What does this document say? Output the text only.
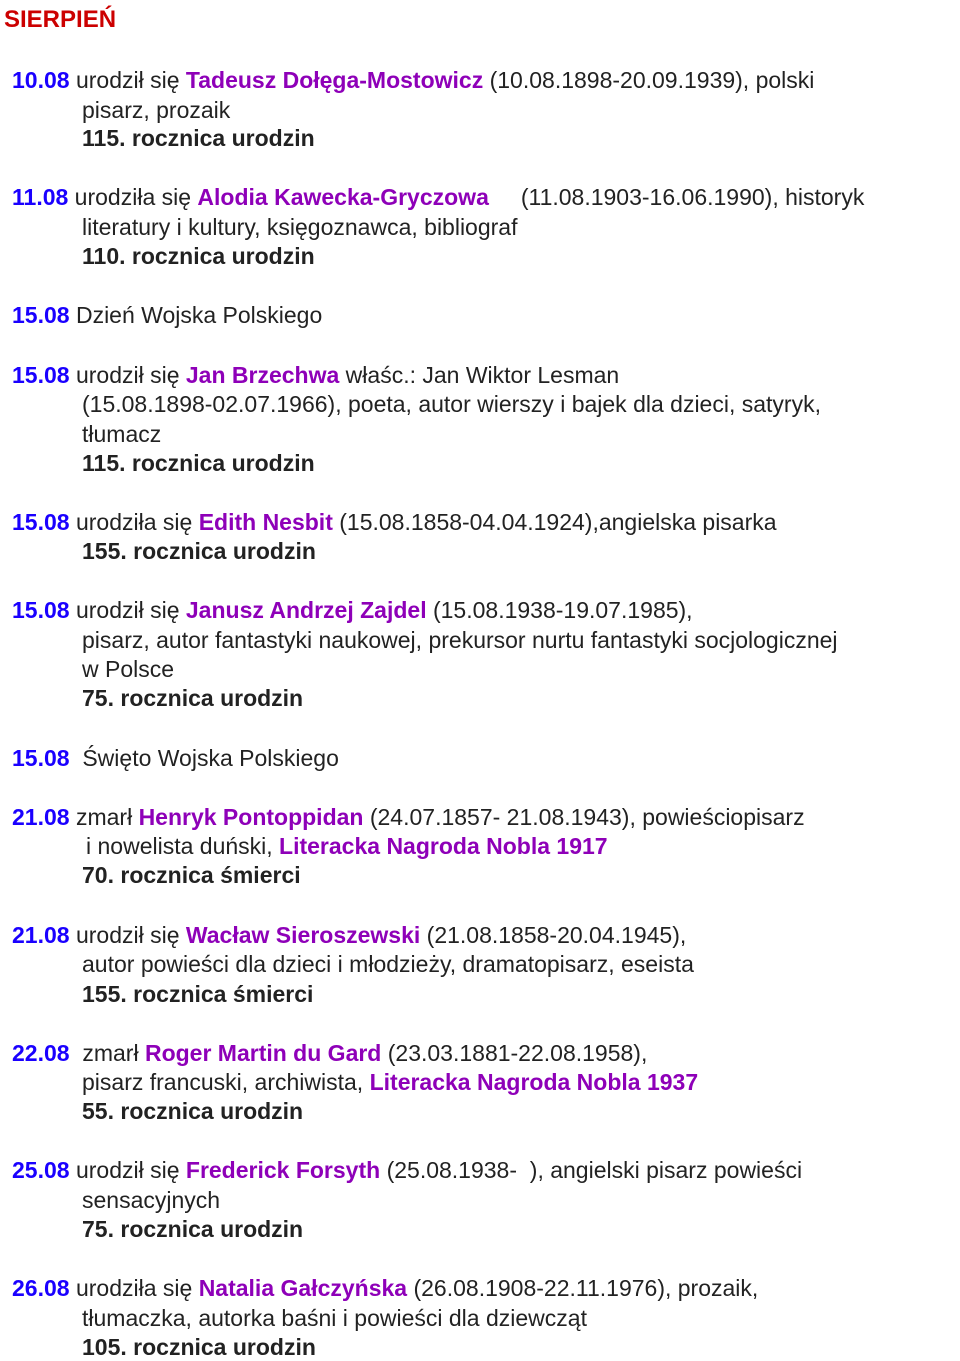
SIERPIEŃ
10.08 urodził się Tadeusz Dołęga-Mostowicz (10.08.1898-20.09.1939), polski
pisarz, prozaik
115. rocznica urodzin
11.08 urodziła się Alodia Kawecka-Gryczowa     (11.08.1903-16.06.1990), historyk
literatury i kultury, księgoznawca, bibliograf
110. rocznica urodzin
15.08 Dzień Wojska Polskiego
15.08 urodził się Jan Brzechwa właśc.: Jan Wiktor Lesman
(15.08.1898-02.07.1966), poeta, autor wierszy i bajek dla dzieci, satyryk,
tłumacz
115. rocznica urodzin
15.08 urodziła się Edith Nesbit (15.08.1858-04.04.1924),angielska pisarka
155. rocznica urodzin
15.08 urodził się Janusz Andrzej Zajdel (15.08.1938-19.07.1985),
pisarz, autor fantastyki naukowej, prekursor nurtu fantastyki socjologicznej
w Polsce
75. rocznica urodzin
15.08  Święto Wojska Polskiego
21.08 zmarł Henryk Pontoppidan (24.07.1857- 21.08.1943), powieściopisarz
i nowelista duński, Literacka Nagroda Nobla 1917
70. rocznica śmierci
21.08 urodził się Wacław Sieroszewski (21.08.1858-20.04.1945),
autor powieści dla dzieci i młodzieży, dramatopisarz, eseista
155. rocznica śmierci
22.08  zmarł Roger Martin du Gard (23.03.1881-22.08.1958),
pisarz francuski, archiwista, Literacka Nagroda Nobla 1937
55. rocznica urodzin
25.08 urodził się Frederick Forsyth (25.08.1938-  ), angielski pisarz powieści
sensacyjnych
75. rocznica urodzin
26.08 urodziła się Natalia Gałczyńska (26.08.1908-22.11.1976), prozaik,
tłumaczka, autorka baśni i powieści dla dziewcząt
105. rocznica urodzin
